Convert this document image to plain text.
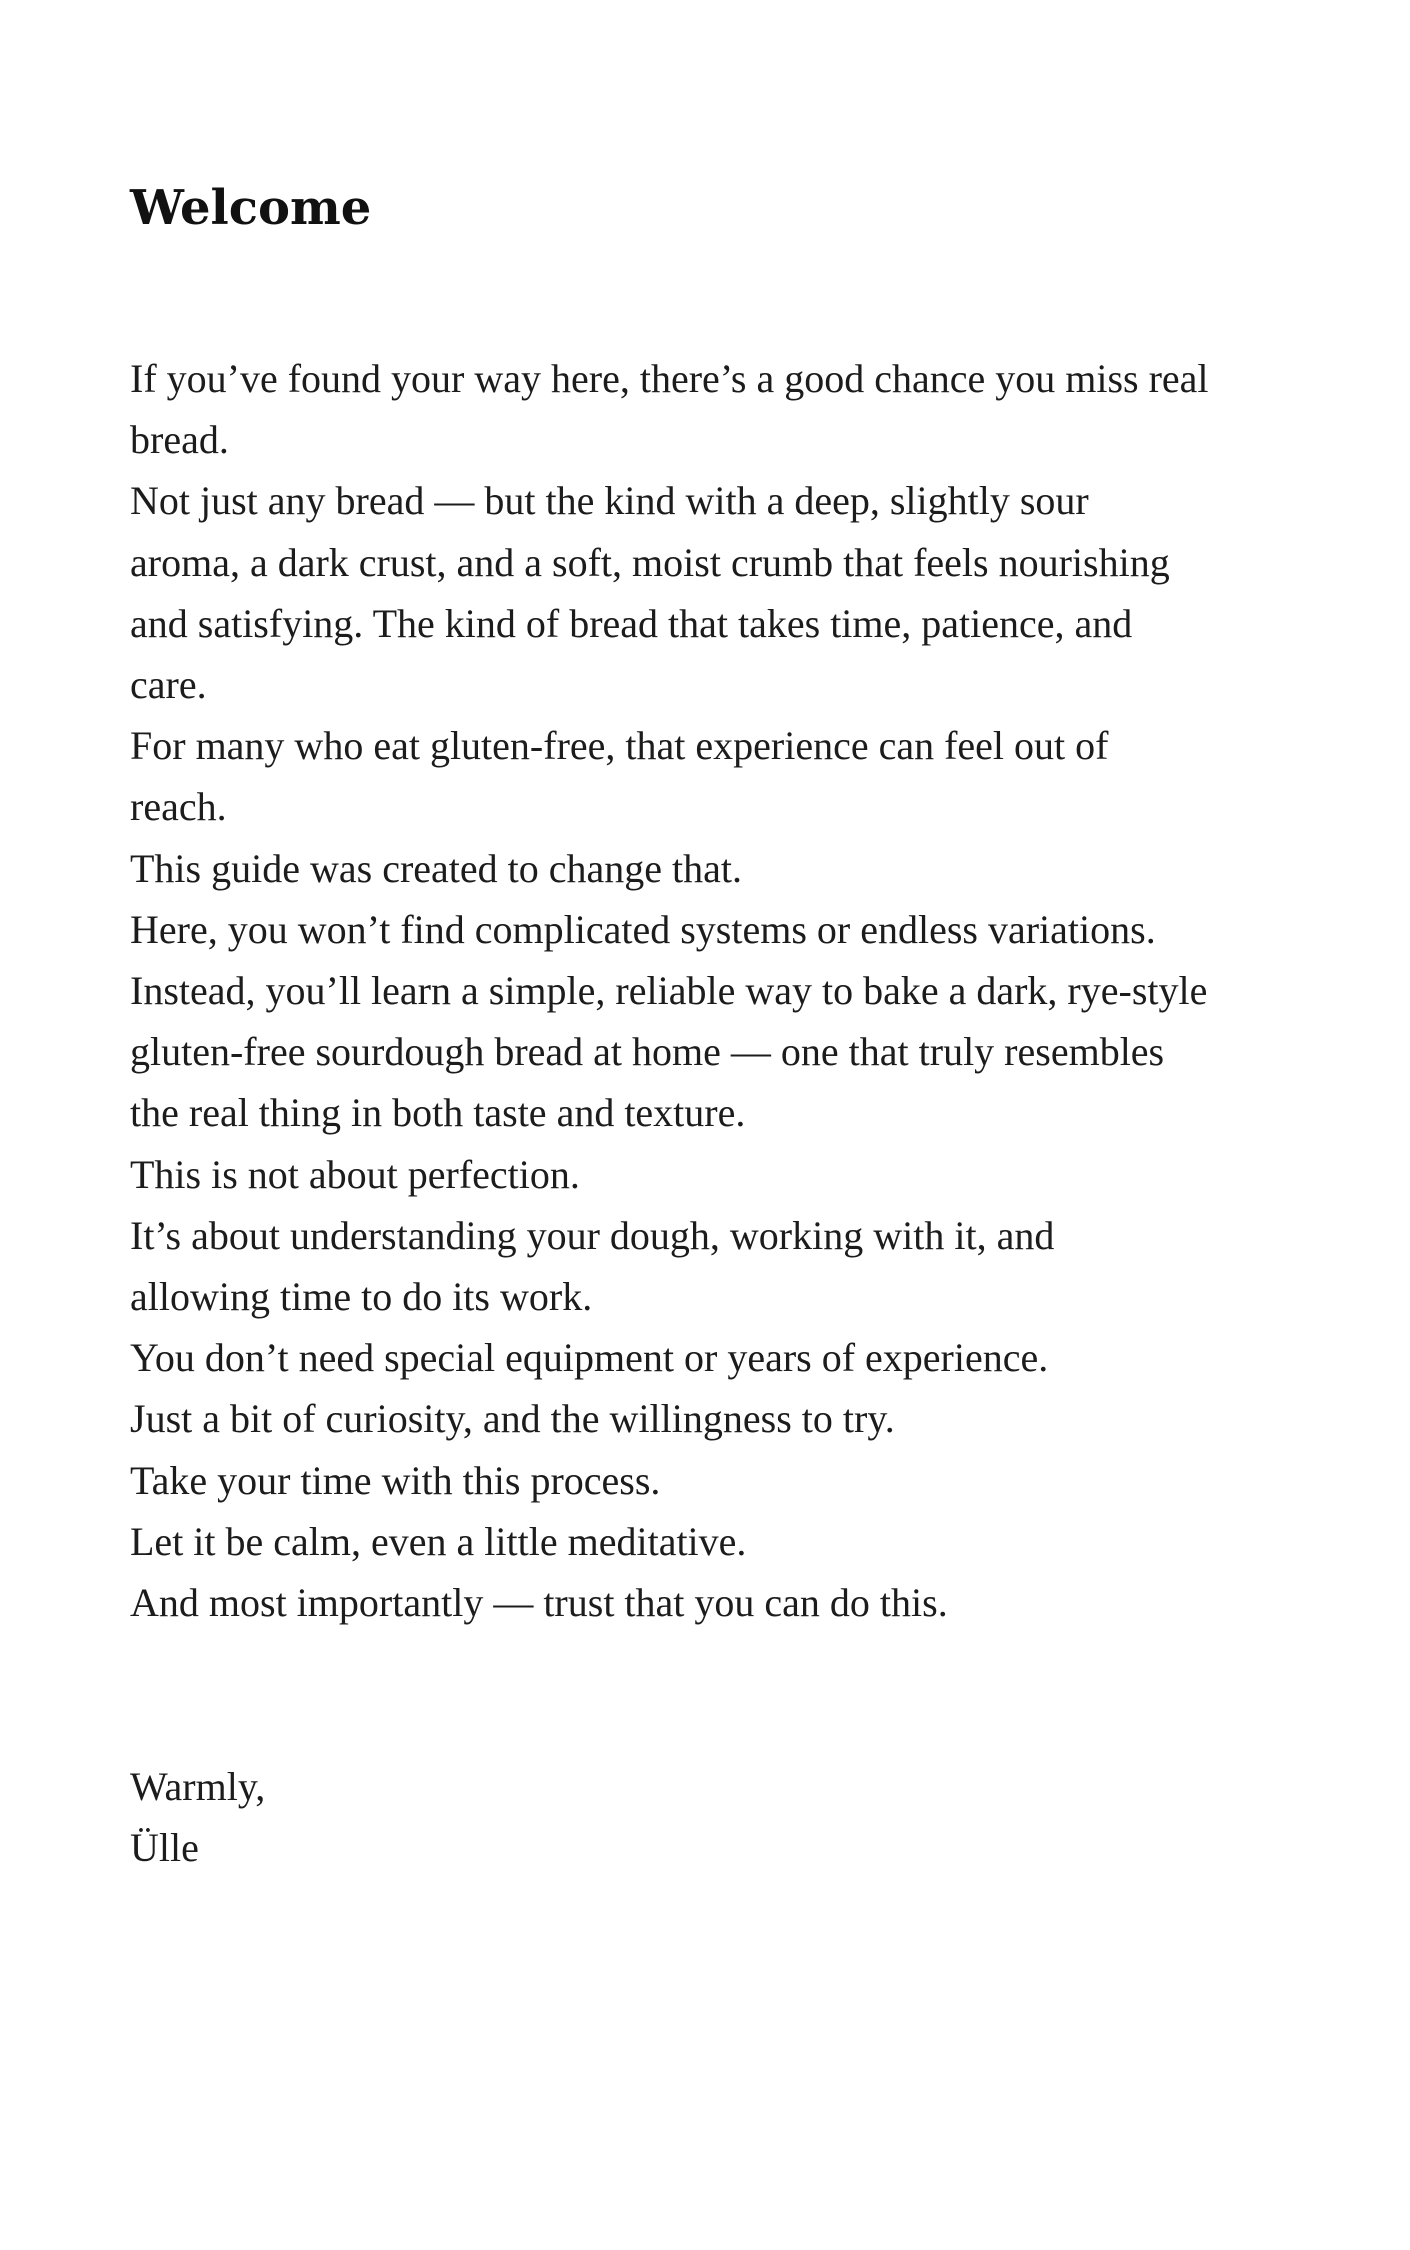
Welcome
If you’ve found your way here, there’s a good chance you miss real
bread.
Not just any bread — but the kind with a deep, slightly sour
aroma, a dark crust, and a soft, moist crumb that feels nourishing
and satisfying. The kind of bread that takes time, patience, and
care.
For many who eat gluten-free, that experience can feel out of
reach.
This guide was created to change that.
Here, you won’t find complicated systems or endless variations.
Instead, you’ll learn a simple, reliable way to bake a dark, rye-style
gluten-free sourdough bread at home — one that truly resembles
the real thing in both taste and texture.
This is not about perfection.
It’s about understanding your dough, working with it, and
allowing time to do its work.
You don’t need special equipment or years of experience.
Just a bit of curiosity, and the willingness to try.
Take your time with this process.
Let it be calm, even a little meditative.
And most importantly — trust that you can do this.
Warmly,
Ülle
